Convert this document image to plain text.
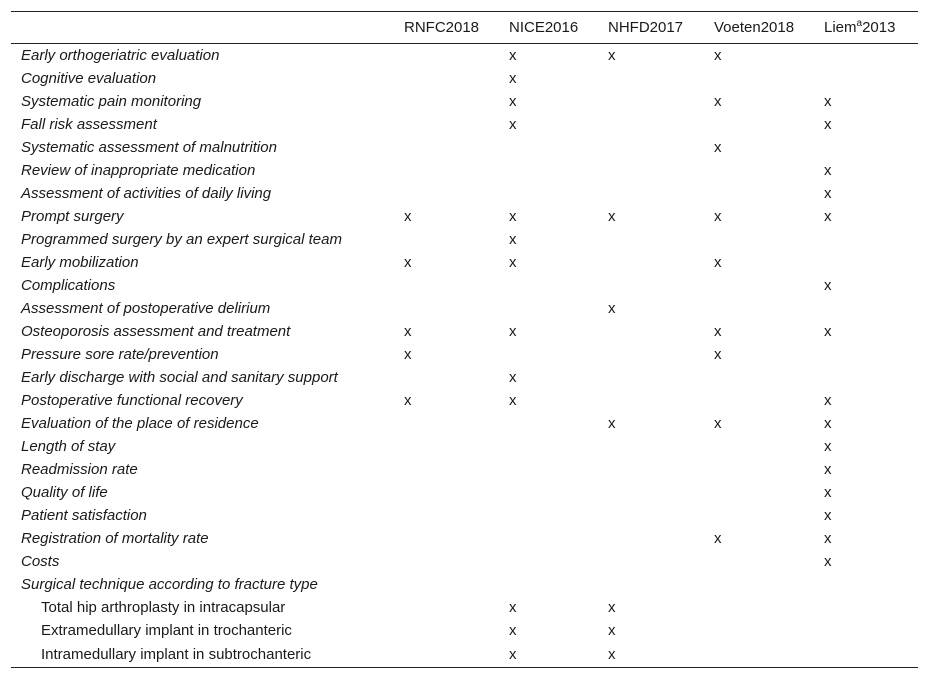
	RNFC2018	NICE2016	NHFD2017	Voeten2018	Liem$^a$2013
Early orthogeriatric evaluation		x	x	x	
Cognitive evaluation		x			
Systematic pain monitoring		x		x	x
Fall risk assessment		x			x
Systematic assessment of malnutrition				x	
Review of inappropriate medication					x
Assessment of activities of daily living					x
Prompt surgery	x	x	x	x	x
Programmed surgery by an expert surgical team		x			
Early mobilization	x	x		x	
Complications					x
Assessment of postoperative delirium			x		
Osteoporosis assessment and treatment	x	x		x	x
Pressure sore rate/prevention	x			x	
Early discharge with social and sanitary support		x			
Postoperative functional recovery	x	x			x
Evaluation of the place of residence			x	x	x
Length of stay					x
Readmission rate					x
Quality of life					x
Patient satisfaction					x
Registration of mortality rate				x	x
Costs					x
Surgical technique according to fracture type					
Total hip arthroplasty in intracapsular		x	x		
Extramedullary implant in trochanteric		x	x		
Intramedullary implant in subtrochanteric		x	x		
